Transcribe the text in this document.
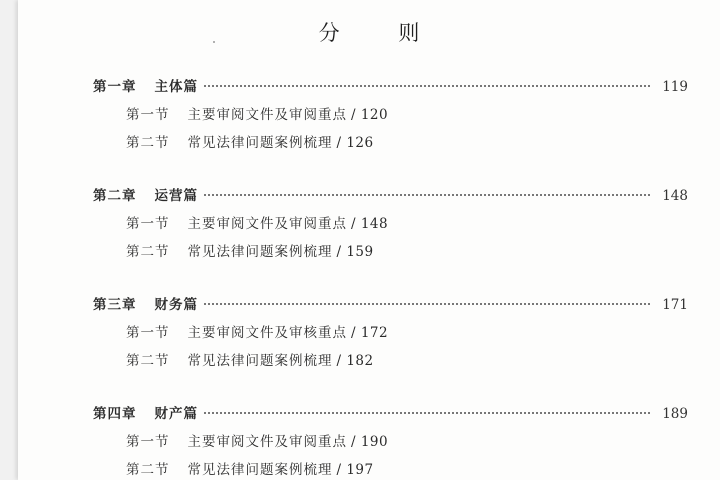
分 则
第一章 主体篇	119
第一节 主要审阅文件及审阅重点 / 120
第二节 常见法律问题案例梳理 / 126
第二章 运营篇	148
第一节 主要审阅文件及审阅重点 / 148
第二节 常见法律问题案例梳理 / 159
第三章 财务篇	171
第一节 主要审阅文件及审核重点 / 172
第二节 常见法律问题案例梳理 / 182
第四章 财产篇	189
第一节 主要审阅文件及审阅重点 / 190
第二节 常见法律问题案例梳理 / 197
